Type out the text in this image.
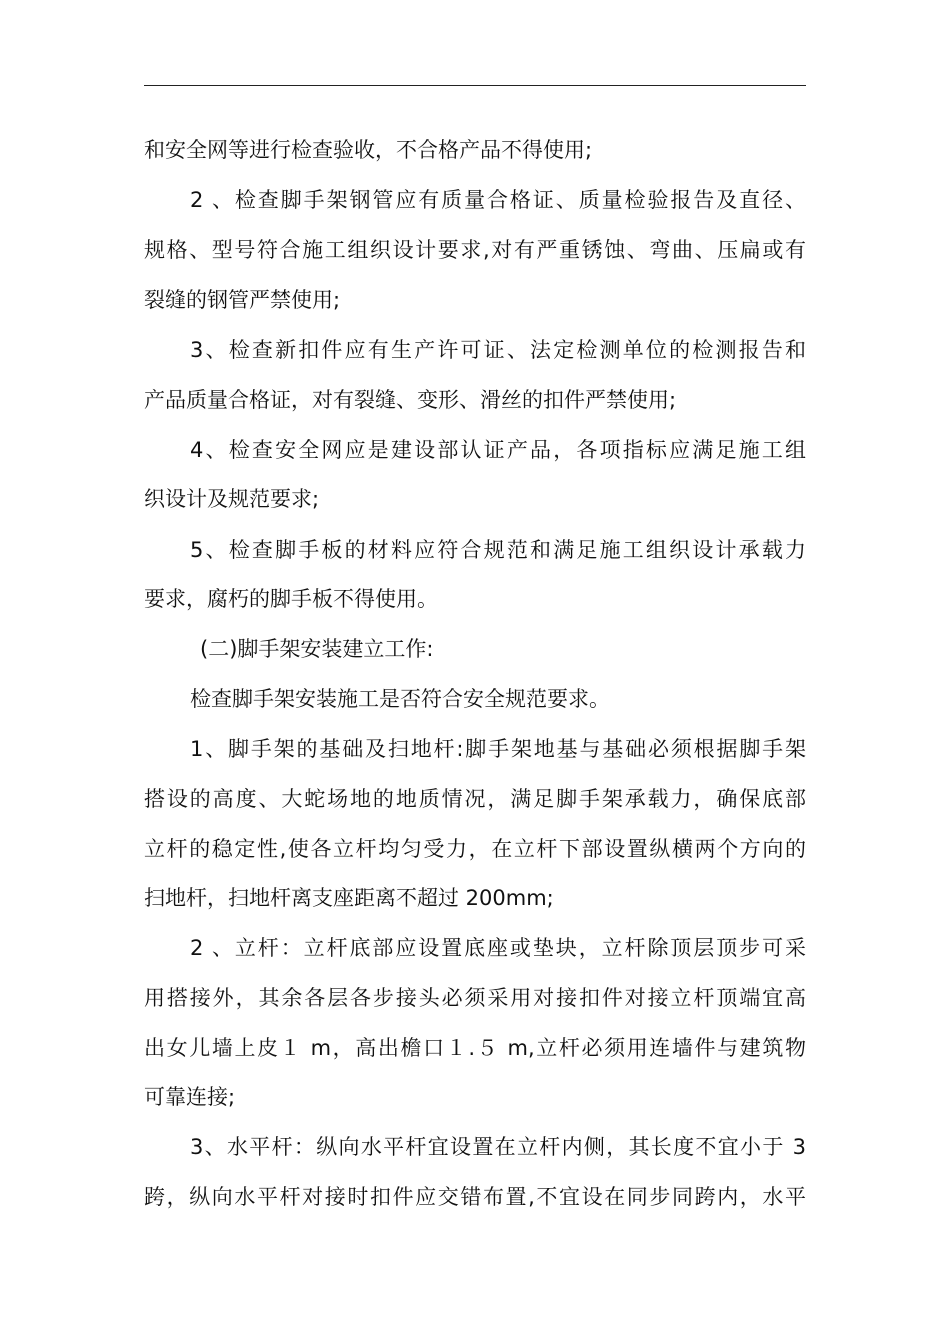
和安全网等进行检查验收，不合格产品不得使用;
2 、检查脚手架钢管应有质量合格证、质量检验报告及直径、
规格、型号符合施工组织设计要求,对有严重锈蚀、弯曲、压扁或有
裂缝的钢管严禁使用;
3、检查新扣件应有生产许可证、法定检测单位的检测报告和
产品质量合格证，对有裂缝、变形、滑丝的扣件严禁使用;
4、检查安全网应是建设部认证产品，各项指标应满足施工组
织设计及规范要求;
5、检查脚手板的材料应符合规范和满足施工组织设计承载力
要求，腐朽的脚手板不得使用。
(二)脚手架安装建立工作:
检查脚手架安装施工是否符合安全规范要求。
1、脚手架的基础及扫地杆:脚手架地基与基础必须根据脚手架
搭设的高度、大蛇场地的地质情况，满足脚手架承载力，确保底部
立杆的稳定性,使各立杆均匀受力，在立杆下部设置纵横两个方向的
扫地杆，扫地杆离支座距离不超过 200mm;
2 、立杆：立杆底部应设置底座或垫块，立杆除顶层顶步可采
用搭接外，其余各层各步接头必须采用对接扣件对接立杆顶端宜高
出女儿墙上皮１ m，高出檐口１.５ m,立杆必须用连墙件与建筑物
可靠连接;
3、水平杆：纵向水平杆宜设置在立杆内侧，其长度不宜小于 3
跨，纵向水平杆对接时扣件应交错布置,不宜设在同步同跨内，水平
